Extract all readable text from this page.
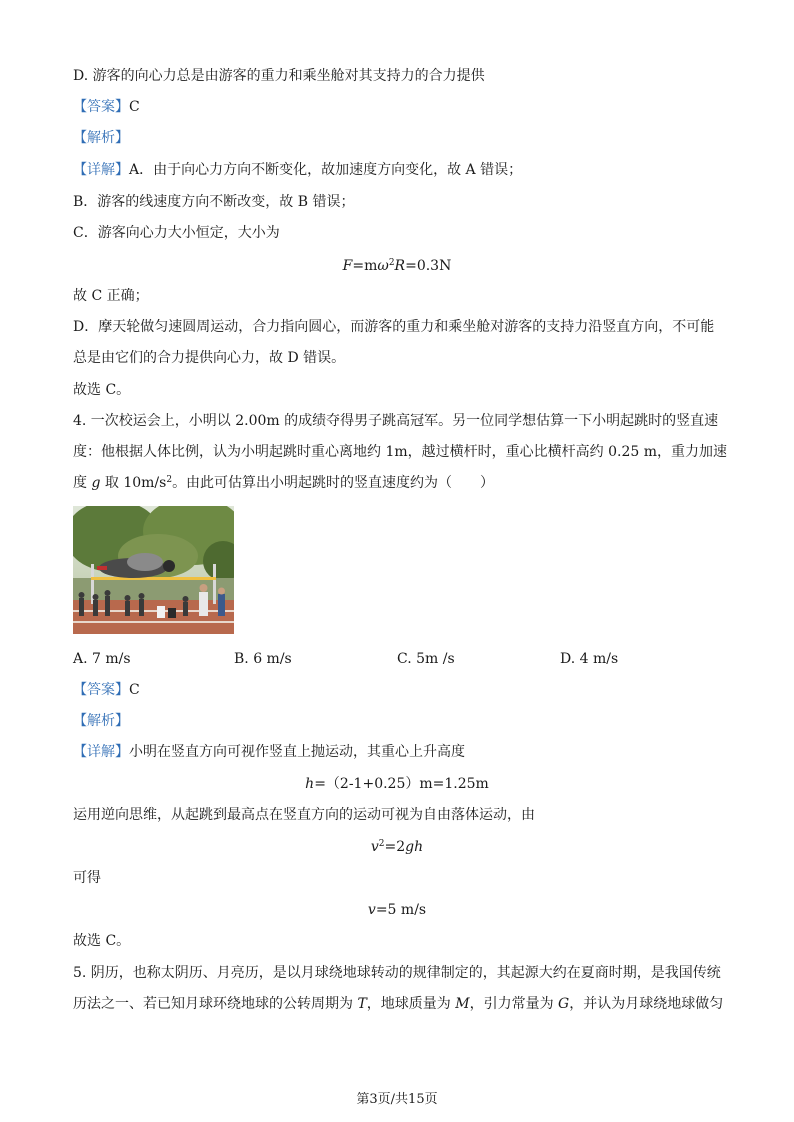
D. 游客的向心力总是由游客的重力和乘坐舱对其支持力的合力提供
【答案】C
【解析】
【详解】A．由于向心力方向不断变化，故加速度方向变化，故 A 错误；
B．游客的线速度方向不断改变，故 B 错误；
C．游客向心力大小恒定，大小为
$F=m\omega^2R=0.3N$
故 C 正确；
D．摩天轮做匀速圆周运动，合力指向圆心，而游客的重力和乘坐舱对游客的支持力沿竖直方向，不可能
总是由它们的合力提供向心力，故 D 错误。
故选 C。
4. 一次校运会上，小明以 2.00m 的成绩夺得男子跳高冠军。另一位同学想估算一下小明起跳时的竖直速
度：他根据人体比例，认为小明起跳时重心离地约 1m，越过横杆时，重心比横杆高约 0.25 m，重力加速
度 g 取 $10m/s^2$。由此可估算出小明起跳时的竖直速度约为（　　）
A. 7 m/s	B. 6 m/s	C. 5m /s	D. 4 m/s
【答案】C
【解析】
【详解】小明在竖直方向可视作竖直上抛运动，其重心上升高度
h=（2-1+0.25）m=1.25m
运用逆向思维，从起跳到最高点在竖直方向的运动可视为自由落体运动，由
$v^2=2gh$
可得
v=5 m/s
故选 C。
5. 阴历，也称太阴历、月亮历，是以月球绕地球转动的规律制定的，其起源大约在夏商时期，是我国传统
历法之一、若已知月球环绕地球的公转周期为 T，地球质量为 M，引力常量为 G，并认为月球绕地球做匀
第3页/共15页
